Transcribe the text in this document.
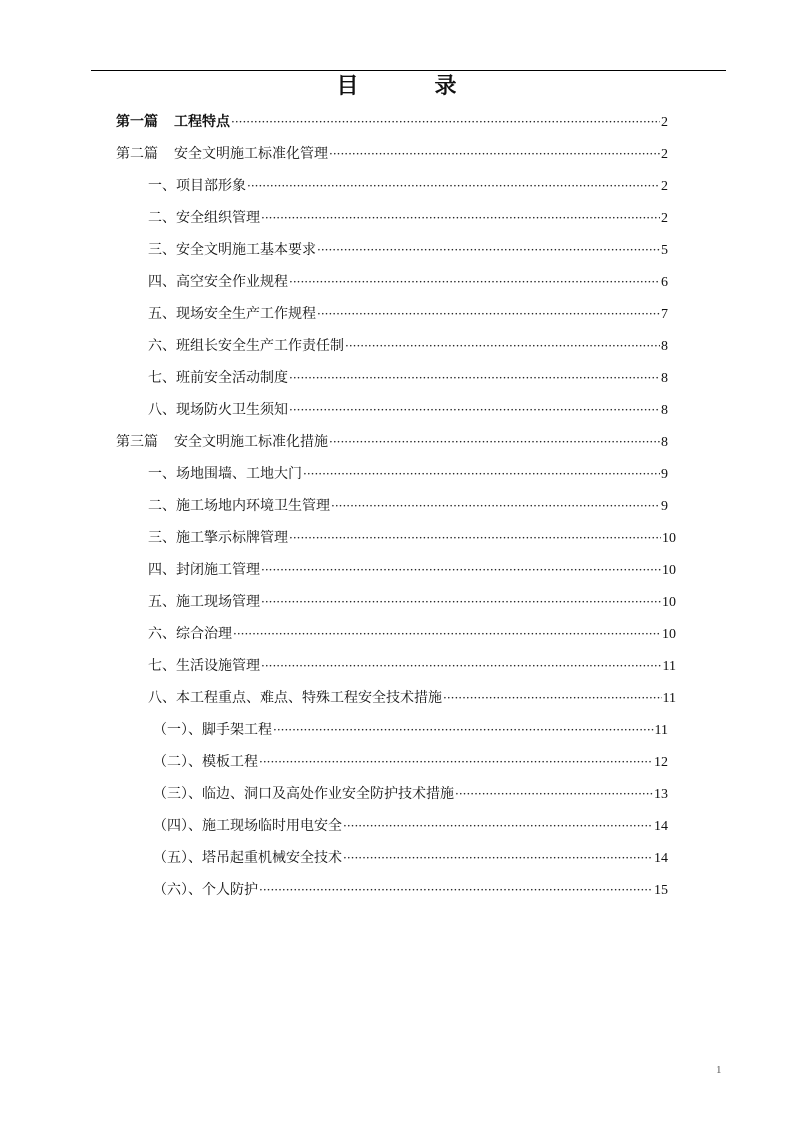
目	录
第一篇 工程特点 ·····	2
第二篇 安全文明施工标准化管理 ·····	2
一、项目部形象 ·····	2
二、安全组织管理 ·····	2
三、安全文明施工基本要求 ·····	5
四、高空安全作业规程 ·····	6
五、现场安全生产工作规程 ·····	7
六、班组长安全生产工作责任制 ·····	8
七、班前安全活动制度 ·····	8
八、现场防火卫生须知 ·····	8
第三篇 安全文明施工标准化措施 ·····	8
一、场地围墙、工地大门 ·····	9
二、施工场地内环境卫生管理 ·····	9
三、施工擎示标牌管理 ·····	10
四、封闭施工管理 ·····	10
五、施工现场管理 ·····	10
六、综合治理 ·····	10
七、生活设施管理 ·····	11
八、本工程重点、难点、特殊工程安全技术措施 ·····	11
（一）、脚手架工程 ·····	11
（二）、模板工程 ·····	12
（三）、临边、洞口及高处作业安全防护技术措施 ·····	13
（四）、施工现场临时用电安全 ·····	14
（五）、塔吊起重机械安全技术 ·····	14
（六）、个人防护 ·····	15
1
